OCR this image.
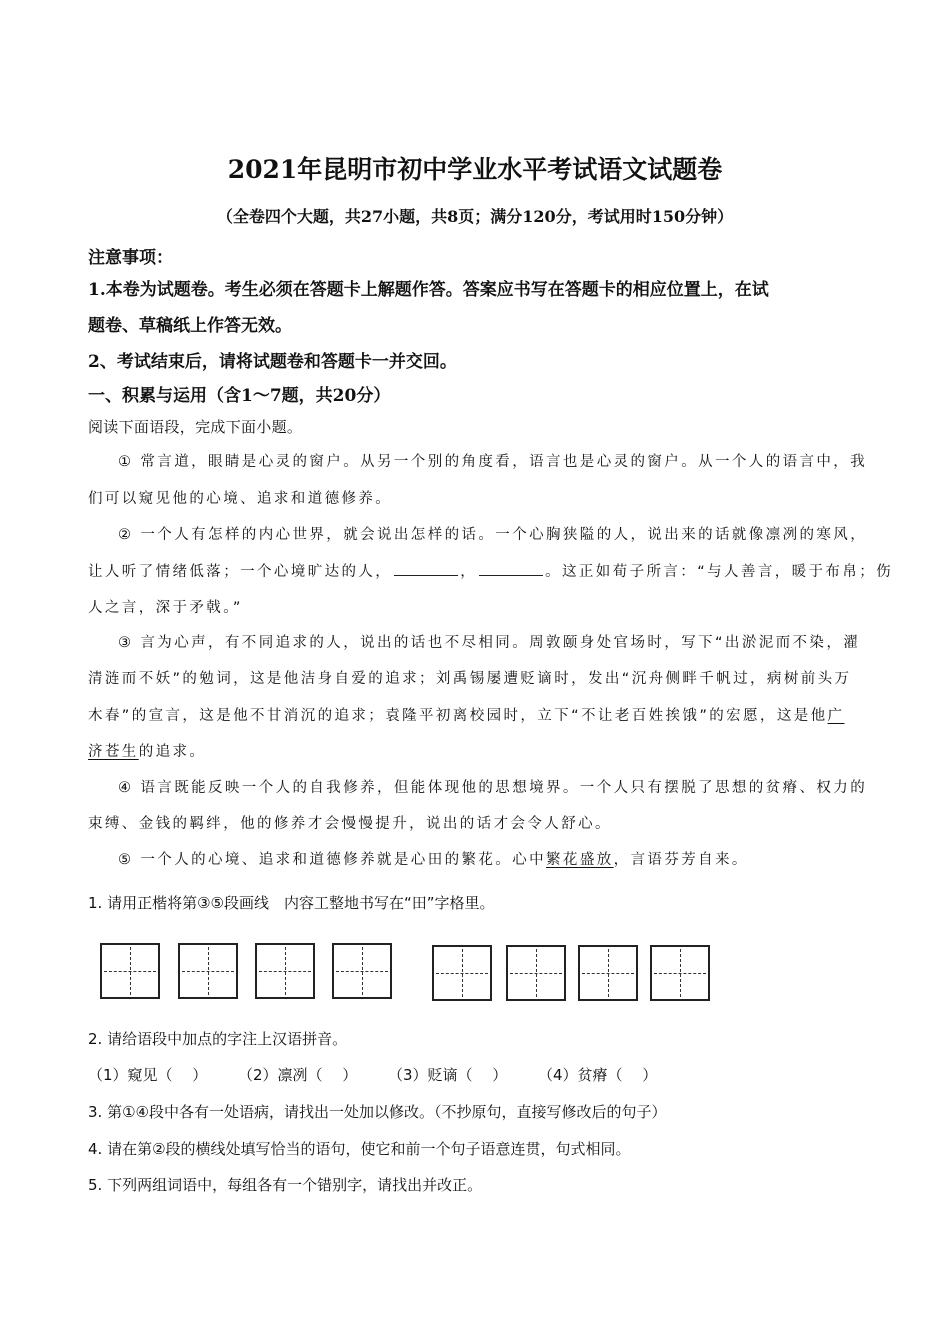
2021年昆明市初中学业水平考试语文试题卷
（全卷四个大题，共27小题，共8页；满分120分，考试用时150分钟）
注意事项：
1.本卷为试题卷。考生必须在答题卡上解题作答。答案应书写在答题卡的相应位置上，在试
题卷、草稿纸上作答无效。
2、考试结束后，请将试题卷和答题卡一并交回。
一、积累与运用（含1～7题，共20分）
阅读下面语段，完成下面小题。
① 常言道，眼睛是心灵的窗户。从另一个别的角度看，语言也是心灵的窗户。从一个人的语言中，我
们可以窥见他的心境、追求和道德修养。
② 一个人有怎样的内心世界，就会说出怎样的话。一个心胸狭隘的人，说出来的话就像凛冽的寒风，
让人听了情绪低落；一个心境旷达的人，	，	。这正如荀子所言：“与人善言，暖于布帛；伤
人之言，深于矛戟。”
③ 言为心声，有不同追求的人，说出的话也不尽相同。周敦颐身处官场时，写下“出淤泥而不染，濯
清涟而不妖”的勉词，这是他洁身自爱的追求；刘禹锡屡遭贬谪时，发出“沉舟侧畔千帆过，病树前头万
木春”的宣言，这是他不甘消沉的追求；袁隆平初离校园时，立下“不让老百姓挨饿”的宏愿，这是他广
济苍生的追求。
④ 语言既能反映一个人的自我修养，但能体现他的思想境界。一个人只有摆脱了思想的贫瘠、权力的
束缚、金钱的羁绊，他的修养才会慢慢提升，说出的话才会令人舒心。
⑤ 一个人的心境、追求和道德修养就是心田的繁花。心中繁花盛放，言语芬芳自来。
1. 请用正楷将第③⑤段画线　内容工整地书写在“田”字格里。
2. 请给语段中加点的字注上汉语拼音。
（1）窥见（　 ） （2）凛冽（　 ） （3）贬谪（　 ） （4）贫瘠（　 ）
3. 第①④段中各有一处语病，请找出一处加以修改。（不抄原句，直接写修改后的句子）
4. 请在第②段的横线处填写恰当的语句，使它和前一个句子语意连贯，句式相同。
5. 下列两组词语中，每组各有一个错别字，请找出并改正。
